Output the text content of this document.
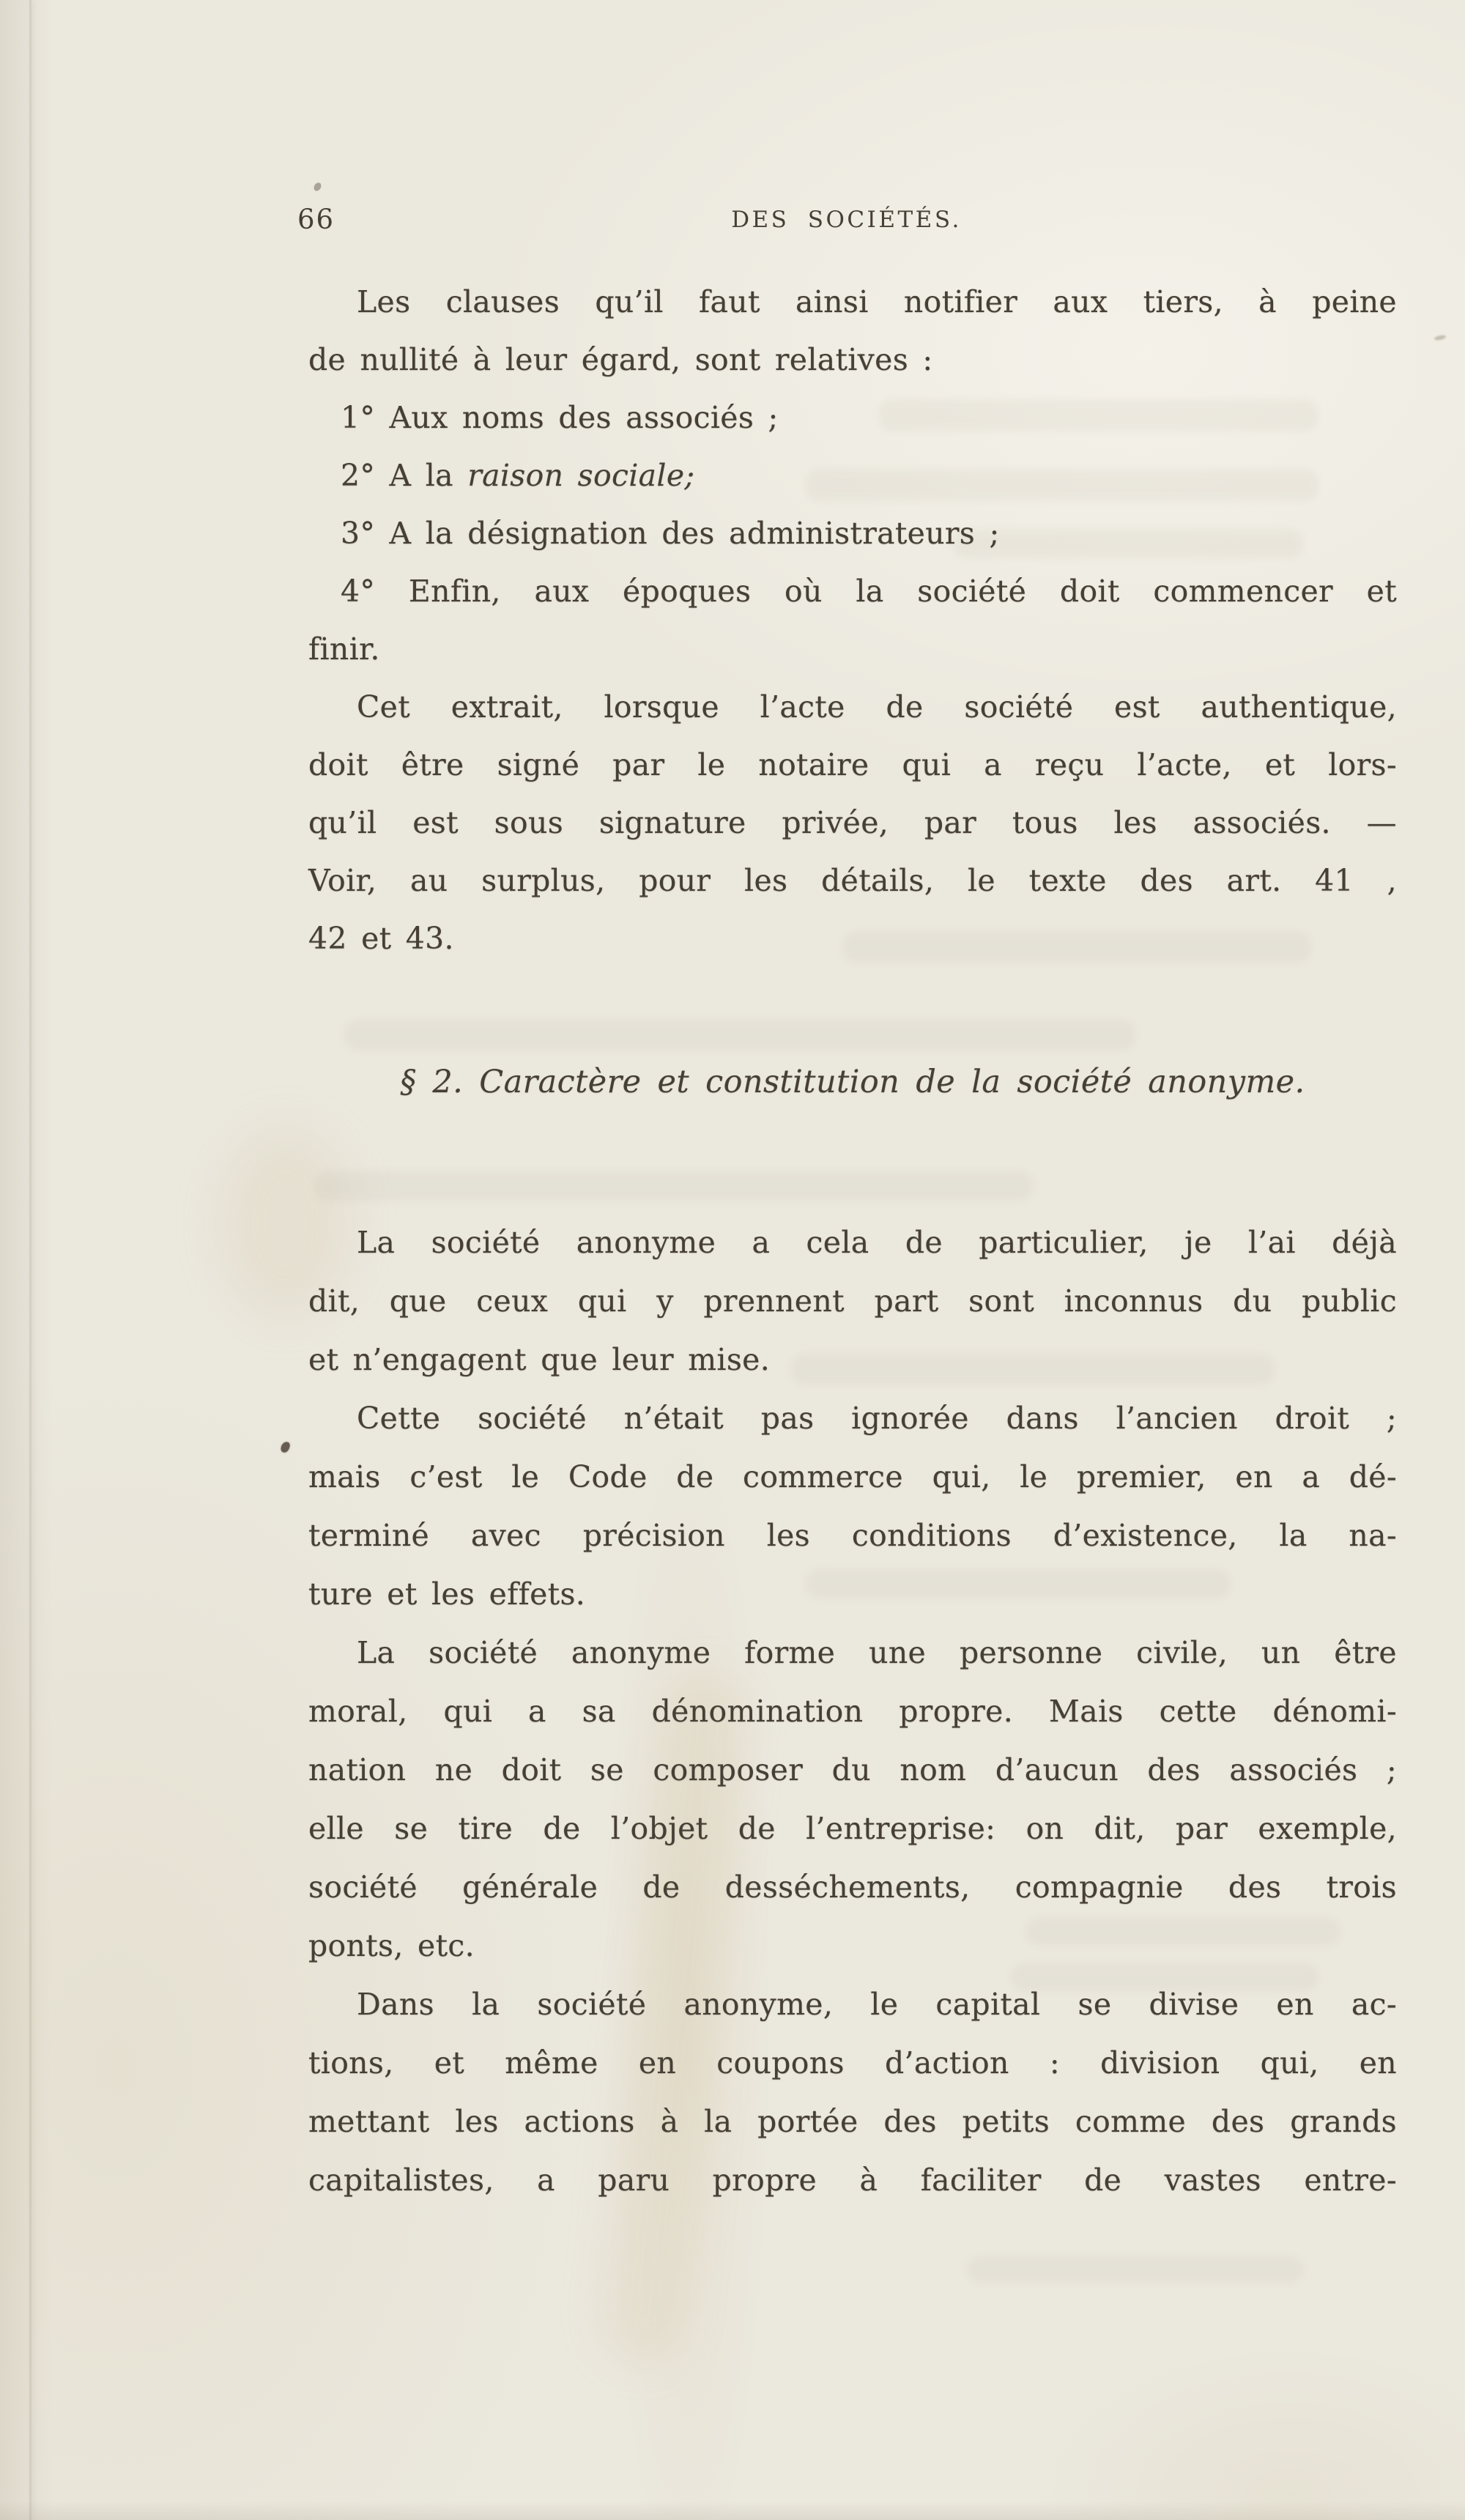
66	DES SOCIÉTÉS.
Les clauses qu’il faut ainsi notifier aux tiers, à peine
de nullité à leur égard, sont relatives :
1° Aux noms des associés ;
2° A la raison sociale;
3° A la désignation des administrateurs ;
4° Enfin, aux époques où la société doit commencer et
finir.
Cet extrait, lorsque l’acte de société est authentique,
doit être signé par le notaire qui a reçu l’acte, et lors-
qu’il est sous signature privée, par tous les associés. —
Voir, au surplus, pour les détails, le texte des art. 41 ,
42 et 43.
§ 2. Caractère et constitution de la société anonyme.
La société anonyme a cela de particulier, je l’ai déjà
dit, que ceux qui y prennent part sont inconnus du public
et n’engagent que leur mise.
Cette société n’était pas ignorée dans l’ancien droit ;
mais c’est le Code de commerce qui, le premier, en a dé-
terminé avec précision les conditions d’existence, la na-
ture et les effets.
La société anonyme forme une personne civile, un être
moral, qui a sa dénomination propre. Mais cette dénomi-
nation ne doit se composer du nom d’aucun des associés ;
elle se tire de l’objet de l’entreprise: on dit, par exemple,
société générale de desséchements, compagnie des trois
ponts, etc.
Dans la société anonyme, le capital se divise en ac-
tions, et même en coupons d’action : division qui, en
mettant les actions à la portée des petits comme des grands
capitalistes, a paru propre à faciliter de vastes entre-
